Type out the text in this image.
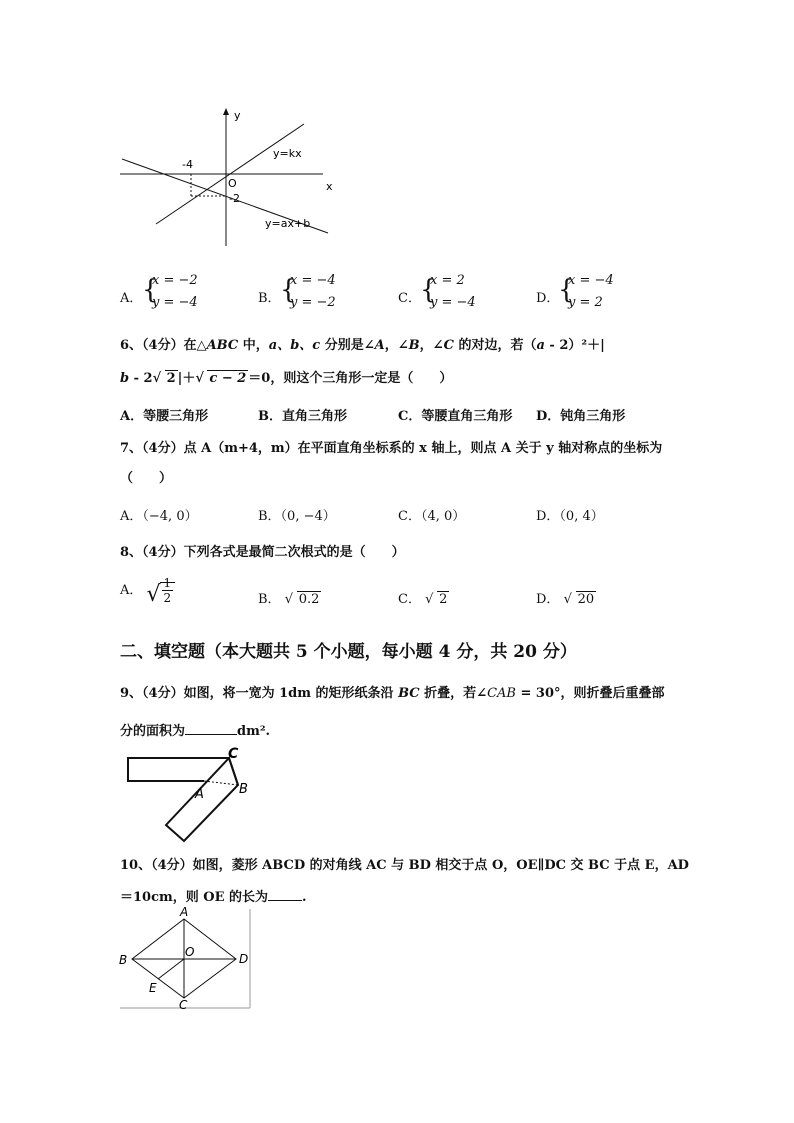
y
x
O
-4
-2
y=kx
y=ax+b
A． {
x = −2
y = −4	B． {
x = −4
y = −2	C． {
x = 2
y = −4	D．
{
x = −4
y = 2
6、（4分）在△ABC 中，a、b、c 分别是∠A，∠B，∠C 的对边，若（a - 2）²＋|
b - 2 √ 2 |＋ √ c − 2 ＝0，则这个三角形一定是（　　）
A．等腰三角形	B．直角三角形	C．等腰直角三角形 D．钝角三角形
7、（4分）点 A（m+4，m）在平面直角坐标系的 x 轴上，则点 A 关于 y 轴对称点的坐标为
（　　）
A．（−4, 0）	B．（0, −4）	C．（4, 0）	D．（0, 4）
8、（4分）下列各式是最简二次根式的是（　　）
A． √ $\frac{1}{2}$	B． √ 0.2	C． √ 2	D． √ 20
二、填空题（本大题共 5 个小题，每小题 4 分，共 20 分）
9、（4分）如图，将一宽为 1dm 的矩形纸条沿 BC 折叠，若∠CAB = 30°，则折叠后重叠部
分的面积为	dm².
C
A	B
10、（4分）如图，菱形 ABCD 的对角线 AC 与 BD 相交于点 O，OE∥DC 交 BC 于点 E，AD
＝10cm，则 OE 的长为	.
A
B	D
C
O
E
